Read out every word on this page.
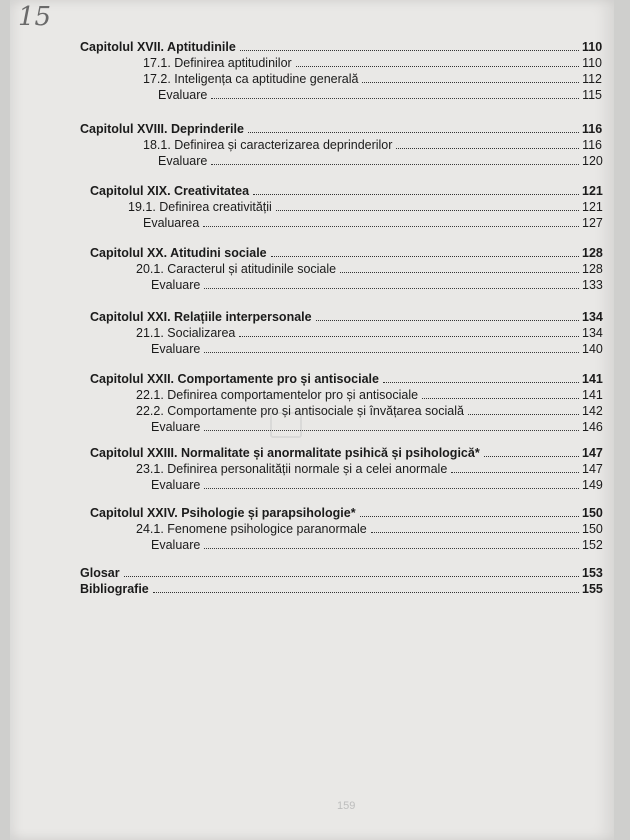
15
159
Capitolul XVII. Aptitudinile	110
17.1. Definirea aptitudinilor	110
17.2. Inteligența ca aptitudine generală	112
Evaluare	115
Capitolul XVIII. Deprinderile	116
18.1. Definirea și caracterizarea deprinderilor	116
Evaluare	120
Capitolul XIX. Creativitatea	121
19.1. Definirea creativității	121
Evaluarea	127
Capitolul XX. Atitudini sociale	128
20.1. Caracterul și atitudinile sociale	128
Evaluare	133
Capitolul XXI. Relațiile interpersonale	134
21.1. Socializarea	134
Evaluare	140
Capitolul XXII. Comportamente pro și antisociale	141
22.1. Definirea comportamentelor pro și antisociale	141
22.2. Comportamente pro și antisociale și învățarea socială	142
Evaluare	146
Capitolul XXIII. Normalitate și anormalitate psihică și psihologică*	147
23.1. Definirea personalității normale și a celei anormale	147
Evaluare	149
Capitolul XXIV. Psihologie și parapsihologie*	150
24.1. Fenomene psihologice paranormale	150
Evaluare	152
Glosar	153
Bibliografie	155
